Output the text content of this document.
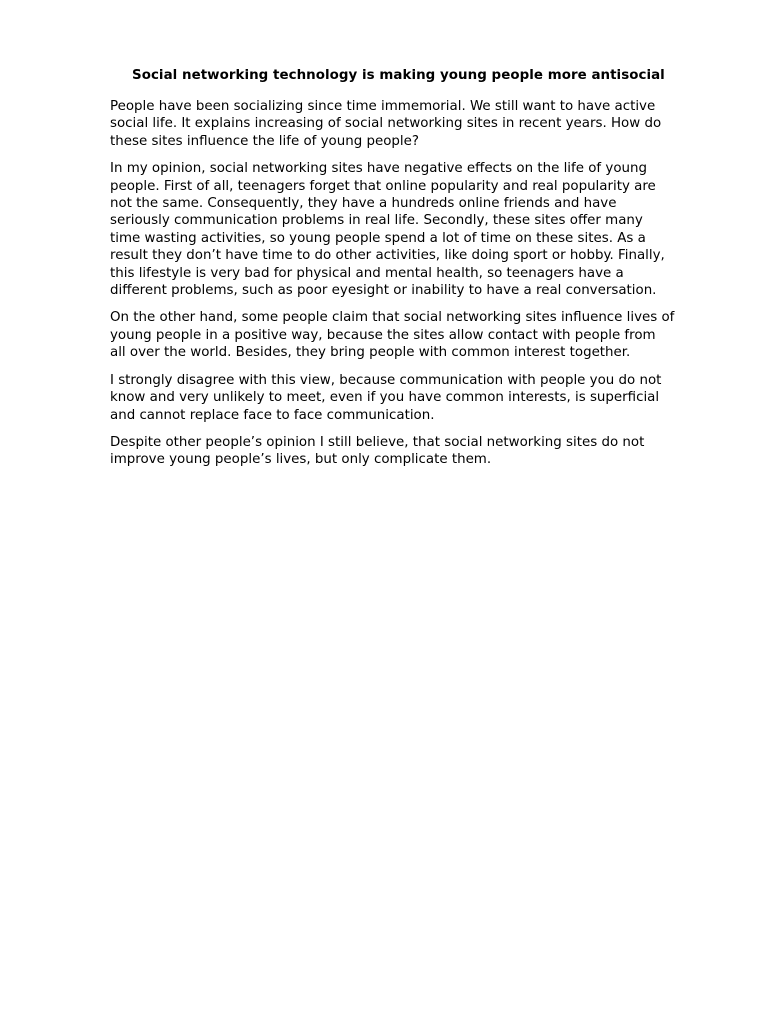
Social networking technology is making young people more antisocial

People have been socializing since time immemorial. We still want to have active
social life. It explains increasing of social networking sites in recent years. How do
these sites influence the life of young people?

In my opinion, social networking sites have negative effects on the life of young
people. First of all, teenagers forget that online popularity and real popularity are
not the same. Consequently, they have a hundreds online friends and have
seriously communication problems in real life. Secondly, these sites offer many
time wasting activities, so young people spend a lot of time on these sites. As a
result they don’t have time to do other activities, like doing sport or hobby. Finally,
this lifestyle is very bad for physical and mental health, so teenagers have a
different problems, such as poor eyesight or inability to have a real conversation.

On the other hand, some people claim that social networking sites influence lives of
young people in a positive way, because the sites allow contact with people from
all over the world. Besides, they bring people with common interest together.

I strongly disagree with this view, because communication with people you do not
know and very unlikely to meet, even if you have common interests, is superficial
and cannot replace face to face communication.

Despite other people’s opinion I still believe, that social networking sites do not
improve young people’s lives, but only complicate them.
